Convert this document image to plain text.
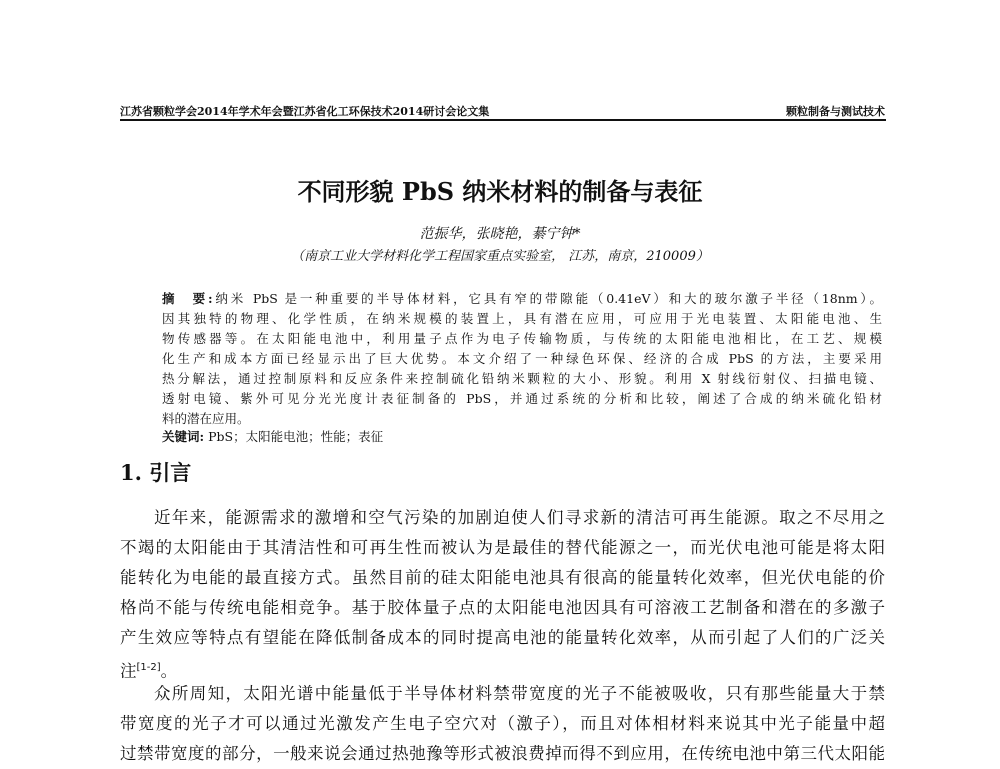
江苏省颗粒学会2014年学术年会暨江苏省化工环保技术2014研讨会论文集	颗粒制备与测试技术
不同形貌 PbS 纳米材料的制备与表征
范振华，张晓艳，綦宁钟*
（南京工业大学材料化学工程国家重点实验室， 江苏，南京，210009）
摘　要:纳米 PbS 是一种重要的半导体材料，它具有窄的带隙能（0.41eV）和大的玻尔激子半径（18nm）。
因其独特的物理、化学性质，在纳米规模的装置上，具有潜在应用，可应用于光电装置、太阳能电池、生
物传感器等。在太阳能电池中，利用量子点作为电子传输物质，与传统的太阳能电池相比，在工艺、规模
化生产和成本方面已经显示出了巨大优势。本文介绍了一种绿色环保、经济的合成 PbS 的方法，主要采用
热分解法，通过控制原料和反应条件来控制硫化铅纳米颗粒的大小、形貌。利用 X 射线衍射仪、扫描电镜、
透射电镜、紫外可见分光光度计表征制备的 PbS，并通过系统的分析和比较，阐述了合成的纳米硫化铅材
料的潜在应用。
关键词: PbS；太阳能电池；性能；表征
1. 引言
近年来，能源需求的激增和空气污染的加剧迫使人们寻求新的清洁可再生能源。取之不尽用之
不竭的太阳能由于其清洁性和可再生性而被认为是最佳的替代能源之一，而光伏电池可能是将太阳
能转化为电能的最直接方式。虽然目前的硅太阳能电池具有很高的能量转化效率，但光伏电能的价
格尚不能与传统电能相竞争。基于胶体量子点的太阳能电池因具有可溶液工艺制备和潜在的多激子
产生效应等特点有望能在降低制备成本的同时提高电池的能量转化效率，从而引起了人们的广泛关
注[1-2]。
众所周知，太阳光谱中能量低于半导体材料禁带宽度的光子不能被吸收，只有那些能量大于禁
带宽度的光子才可以通过光激发产生电子空穴对（激子），而且对体相材料来说其中光子能量中超
过禁带宽度的部分，一般来说会通过热弛豫等形式被浪费掉而得不到应用，在传统电池中第三代太阳能
